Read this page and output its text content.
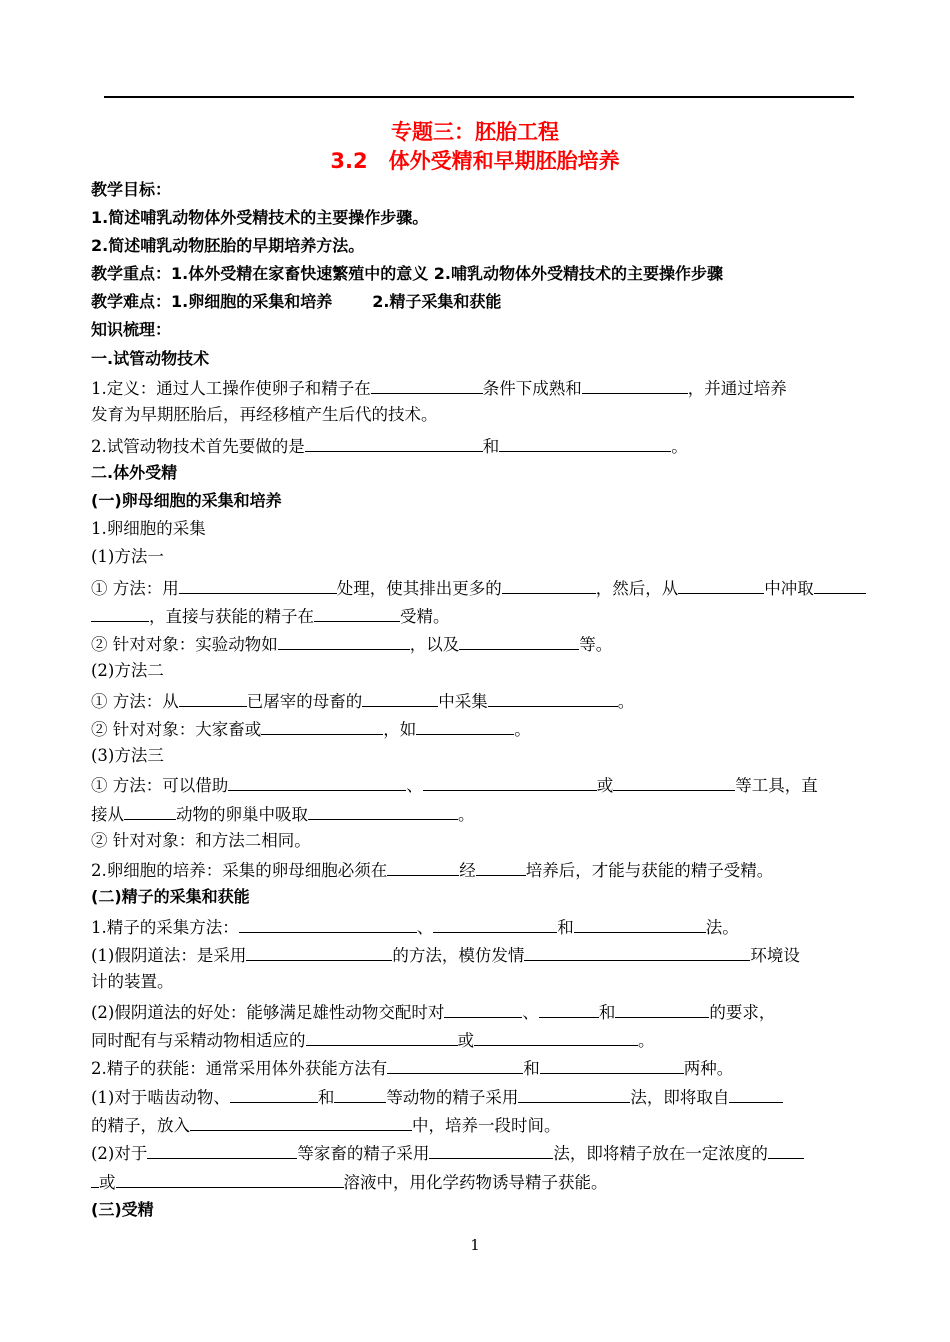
专题三：胚胎工程
3.2　体外受精和早期胚胎培养
教学目标：
1.简述哺乳动物体外受精技术的主要操作步骤。
2.简述哺乳动物胚胎的早期培养方法。
教学重点：1.体外受精在家畜快速繁殖中的意义 2.哺乳动物体外受精技术的主要操作步骤
教学难点：1.卵细胞的采集和培养	2.精子采集和获能
知识梳理：
一.试管动物技术
1.定义：通过人工操作使卵子和精子在	条件下成熟和	，并通过培养
发育为早期胚胎后，再经移植产生后代的技术。
2.试管动物技术首先要做的是	和	。
二.体外受精
(一)卵母细胞的采集和培养
1.卵细胞的采集
(1)方法一
① 方法：用	处理，使其排出更多的	，然后，从	中冲取
，直接与获能的精子在	受精。
② 针对对象：实验动物如	，以及	等。
(2)方法二
① 方法：从	已屠宰的母畜的	中采集	。
② 针对对象：大家畜或	，如	。
(3)方法三
① 方法：可以借助	、	或	等工具，直
接从	动物的卵巢中吸取	。
② 针对对象：和方法二相同。
2.卵细胞的培养：采集的卵母细胞必须在	经	培养后，才能与获能的精子受精。
(二)精子的采集和获能
1.精子的采集方法：	、	和	法。
(1)假阴道法：是采用	的方法，模仿发情	环境设
计的装置。
(2)假阴道法的好处：能够满足雄性动物交配时对	、	和	的要求，
同时配有与采精动物相适应的	或	。
2.精子的获能：通常采用体外获能方法有	和	两种。
(1)对于啮齿动物、	和	等动物的精子采用	法，即将取自
的精子，放入	中，培养一段时间。
(2)对于	等家畜的精子采用	法，即将精子放在一定浓度的
或	溶液中，用化学药物诱导精子获能。
(三)受精
1
